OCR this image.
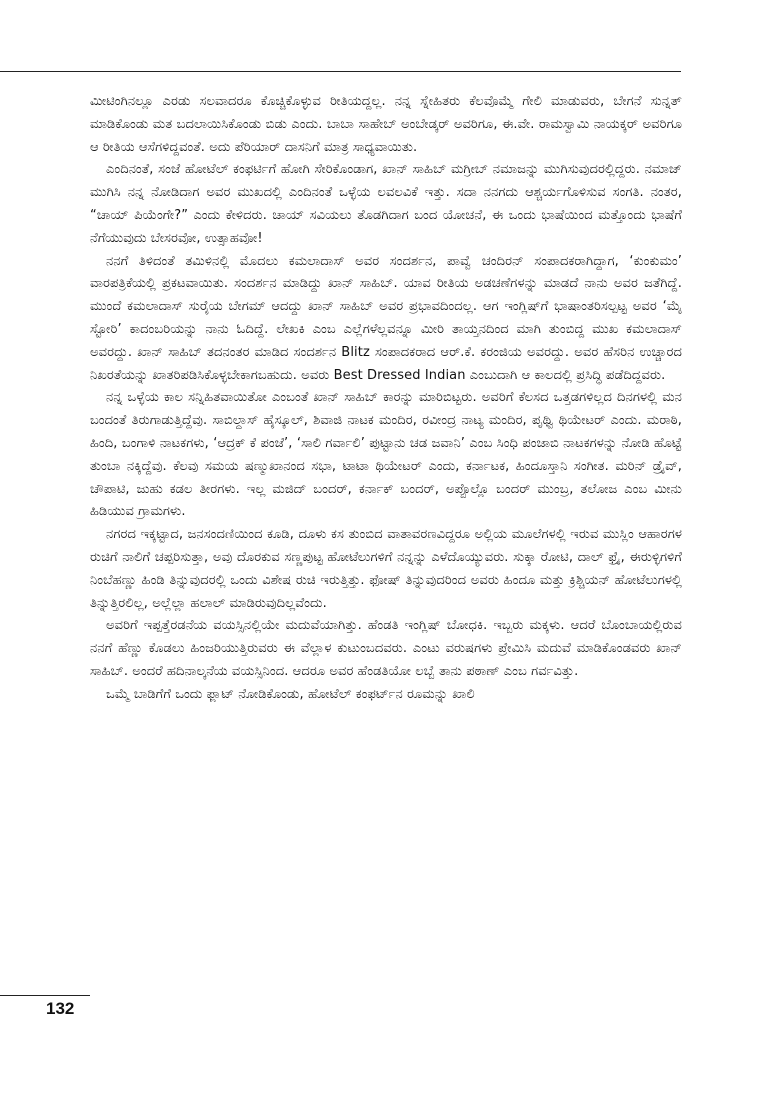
ಮೀಟಿಂಗಿನಲ್ಲೂ ಎರಡು ಸಲವಾದರೂ ಕೊಚ್ಚಿಕೊಳ್ಳುವ ರೀತಿಯದ್ದಲ್ಲ. ನನ್ನ ಸ್ನೇಹಿತರು ಕೆಲವೊಮ್ಮೆ ಗೇಲಿ ಮಾಡುವರು, ಬೇಗನೆ ಸುನ್ನತ್ ಮಾಡಿಕೊಂಡು ಮತ ಬದಲಾಯಿಸಿಕೊಂಡು ಬಿಡು ಎಂದು. ಬಾಬಾ ಸಾಹೇಬ್ ಅಂಬೇಡ್ಕರ್ ಅವರಿಗೂ, ಈ.ವೇ. ರಾಮಸ್ವಾಮಿ ನಾಯಕ್ಕರ್ ಅವರಿಗೂ ಆ ರೀತಿಯ ಆಸೆಗಳಿದ್ದವಂತೆ. ಅದು ಪೆರಿಯಾರ್ ದಾಸನಿಗೆ ಮಾತ್ರ ಸಾಧ್ಯವಾಯಿತು.

ಎಂದಿನಂತೆ, ಸಂಜೆ ಹೋಟೆಲ್ ಕಂಫರ್ಟಿಗೆ ಹೋಗಿ ಸೇರಿಕೊಂಡಾಗ, ಖಾನ್ ಸಾಹಿಬ್ ಮಗ್ರೀಬ್ ನಮಾಜನ್ನು ಮುಗಿಸುವುದರಲ್ಲಿದ್ದರು. ನಮಾಜ್ ಮುಗಿಸಿ ನನ್ನ ನೋಡಿದಾಗ ಅವರ ಮುಖದಲ್ಲಿ ಎಂದಿನಂತೆ ಒಳ್ಳೆಯ ಲವಲವಿಕೆ ಇತ್ತು. ಸದಾ ನನಗದು ಆಶ್ಚರ್ಯಗೊಳಿಸುವ ಸಂಗತಿ. ನಂತರ, “ಚಾಯ್ ಪಿಯೆಂಗೇ?” ಎಂದು ಕೇಳಿದರು. ಚಾಯ್ ಸವಿಯಲು ತೊಡಗಿದಾಗ ಬಂದ ಯೋಚನೆ, ಈ ಒಂದು ಭಾಷೆಯಿಂದ ಮತ್ತೊಂದು ಭಾಷೆಗೆ ನೆಗೆಯುವುದು ಬೇಸರವೋ, ಉತ್ಸಾಹವೋ!

ನನಗೆ ತಿಳಿದಂತೆ ತಮಿಳಿನಲ್ಲಿ ಮೊದಲು ಕಮಲಾದಾಸ್ ಅವರ ಸಂದರ್ಶನ, ಪಾವ್ವೆ ಚಂದಿರನ್ ಸಂಪಾದಕರಾಗಿದ್ದಾಗ, ‘ಕುಂಕುಮಂ’ ವಾರಪತ್ರಿಕೆಯಲ್ಲಿ ಪ್ರಕಟವಾಯಿತು. ಸಂದರ್ಶನ ಮಾಡಿದ್ದು ಖಾನ್ ಸಾಹಿಬ್. ಯಾವ ರೀತಿಯ ಅಡಚಣೆಗಳನ್ನು ಮಾಡದೆ ನಾನು ಅವರ ಜತೆಗಿದ್ದೆ. ಮುಂದೆ ಕಮಲಾದಾಸ್ ಸುರೈಯ ಬೇಗಮ್ ಆದದ್ದು ಖಾನ್ ಸಾಹಿಬ್ ಅವರ ಪ್ರಭಾವದಿಂದಲ್ಲ. ಆಗ ಇಂಗ್ಲಿಷ್‌ಗೆ ಭಾಷಾಂತರಿಸಲ್ಪಟ್ಟ ಅವರ ‘ಮೈ ಸ್ಟೋರಿ’ ಕಾದಂಬರಿಯನ್ನು ನಾನು ಓದಿದ್ದೆ. ಲೇಖಕಿ ಎಂಬ ಎಲ್ಲೆಗಳೆಲ್ಲವನ್ನೂ ಮೀರಿ ತಾಯ್ತನದಿಂದ ಮಾಗಿ ತುಂಬಿದ್ದ ಮುಖ ಕಮಲಾದಾಸ್ ಅವರದ್ದು. ಖಾನ್ ಸಾಹಿಬ್ ತದನಂತರ ಮಾಡಿದ ಸಂದರ್ಶನ Blitz ಸಂಪಾದಕರಾದ ಆರ್.ಕೆ. ಕರಂಜಿಯ ಅವರದ್ದು. ಅವರ ಹೆಸರಿನ ಉಚ್ಚಾರದ ನಿಖರತೆಯನ್ನು ಖಾತರಿಪಡಿಸಿಕೊಳ್ಳಬೇಕಾಗಬಹುದು. ಅವರು Best Dressed Indian ಎಂಬುದಾಗಿ ಆ ಕಾಲದಲ್ಲಿ ಪ್ರಸಿದ್ಧಿ ಪಡೆದಿದ್ದವರು.

ನನ್ನ ಒಳ್ಳೆಯ ಕಾಲ ಸನ್ನಿಹಿತವಾಯಿತೋ ಎಂಬಂತೆ ಖಾನ್ ಸಾಹಿಬ್ ಕಾರನ್ನು ಮಾರಿಬಿಟ್ಟರು. ಅವರಿಗೆ ಕೆಲಸದ ಒತ್ತಡಗಳಿಲ್ಲದ ದಿನಗಳಲ್ಲಿ ಮನ ಬಂದಂತೆ ತಿರುಗಾಡುತ್ತಿದ್ದೆವು. ಸಾಬಿಲ್ದಾಸ್ ಹೈಸ್ಕೂಲ್, ಶಿವಾಜಿ ನಾಟಕ ಮಂದಿರ, ರವೀಂದ್ರ ನಾಟ್ಯ ಮಂದಿರ, ಪೃಥ್ವಿ ಥಿಯೇಟರ್ ಎಂದು. ಮರಾಠಿ, ಹಿಂದಿ, ಬಂಗಾಳಿ ನಾಟಕಗಳು, ‘ಆದ್ರಕ್ ಕೆ ಪಂಜೆ’, ‘ಸಾಲಿ ಗರ್ವಾಲಿ’ ಪುಟ್ಟಾನು ಚಡ ಜವಾನಿ’ ಎಂಬ ಸಿಂಧಿ ಪಂಜಾಬಿ ನಾಟಕಗಳನ್ನು ನೋಡಿ ಹೊಟ್ಟೆ ತುಂಬಾ ನಕ್ಕಿದ್ದೆವು. ಕೆಲವು ಸಮಯ ಷಣ್ಮುಖಾನಂದ ಸಭಾ, ಟಾಟಾ ಥಿಯೇಟರ್ ಎಂದು, ಕರ್ನಾಟಕ, ಹಿಂದೂಸ್ತಾನಿ ಸಂಗೀತ. ಮರಿನ್ ಡ್ರೈವ್, ಚೌಪಾಟಿ, ಜುಹು ಕಡಲ ತೀರಗಳು. ಇಲ್ಲ ಮಜಿದ್ ಬಂದರ್, ಕರ್ನಾಕ್ ಬಂದರ್, ಅಪ್ಪೊಲ್ಲೊ ಬಂದರ್ ಮುಂಬ್ರ, ತಲೋಜ ಎಂಬ ಮೀನು ಹಿಡಿಯುವ ಗ್ರಾಮಗಳು.

ನಗರದ ಇಕ್ಕಟ್ಟಾದ, ಜನಸಂದಣಿಯಿಂದ ಕೂಡಿ, ದೂಳು ಕಸ ತುಂಬಿದ ವಾತಾವರಣವಿದ್ದರೂ ಅಲ್ಲಿಯ ಮೂಲೆಗಳಲ್ಲಿ ಇರುವ ಮುಸ್ಲಿಂ ಆಹಾರಗಳ ರುಚಿಗೆ ನಾಲಿಗೆ ಚಪ್ಪರಿಸುತ್ತಾ, ಅವು ದೊರಕುವ ಸಣ್ಣಪುಟ್ಟ ಹೋಟೆಲುಗಳಿಗೆ ನನ್ನನ್ನು ಎಳೆದೊಯ್ಯುವರು. ಸುಕ್ಕಾ ರೋಟಿ, ದಾಲ್ ಫ್ರೈ, ಈರುಳ್ಳಿಗಳಿಗೆ ನಿಂಬೆಹಣ್ಣು ಹಿಂಡಿ ತಿನ್ನುವುದರಲ್ಲಿ ಒಂದು ವಿಶೇಷ ರುಚಿ ಇರುತ್ತಿತ್ತು. ಫೋಷ್ ತಿನ್ನುವುದರಿಂದ ಅವರು ಹಿಂದೂ ಮತ್ತು ಕ್ರಿಶ್ಚಿಯನ್ ಹೋಟೆಲುಗಳಲ್ಲಿ ತಿನ್ನುತ್ತಿರಲಿಲ್ಲ, ಅಲ್ಲೆಲ್ಲಾ ಹಲಾಲ್ ಮಾಡಿರುವುದಿಲ್ಲವೆಂದು.

ಅವರಿಗೆ ಇಪ್ಪತ್ತೆರಡನೆಯ ವಯಸ್ಸಿನಲ್ಲಿಯೇ ಮದುವೆಯಾಗಿತ್ತು. ಹೆಂಡತಿ ಇಂಗ್ಲಿಷ್ ಬೋಧಕಿ. ಇಬ್ಬರು ಮಕ್ಕಳು. ಆದರೆ ಬೊಂಬಾಯಲ್ಲಿರುವ ನನಗೆ ಹೆಣ್ಣು ಕೊಡಲು ಹಿಂಜರಿಯುತ್ತಿರುವರು ಈ ವೆಲ್ಲಾಳ ಕುಟುಂಬದವರು. ಎಂಟು ವರುಷಗಳು ಪ್ರೇಮಿಸಿ ಮದುವೆ ಮಾಡಿಕೊಂಡವರು ಖಾನ್ ಸಾಹಿಬ್. ಅಂದರೆ ಹದಿನಾಲ್ಕನೆಯ ವಯಸ್ಸಿನಿಂದ. ಆದರೂ ಅವರ ಹೆಂಡತಿಯೋ ಲಬ್ಬೆ ತಾನು ಪಠಾಣ್ ಎಂಬ ಗರ್ವವಿತ್ತು.

ಒಮ್ಮೆ ಬಾಡಿಗೆಗೆ ಒಂದು ಫ್ಲಾಟ್ ನೋಡಿಕೊಂಡು, ಹೋಟೆಲ್ ಕಂಫರ್ಟ್‌ನ ರೂಮನ್ನು ಖಾಲಿ

132
